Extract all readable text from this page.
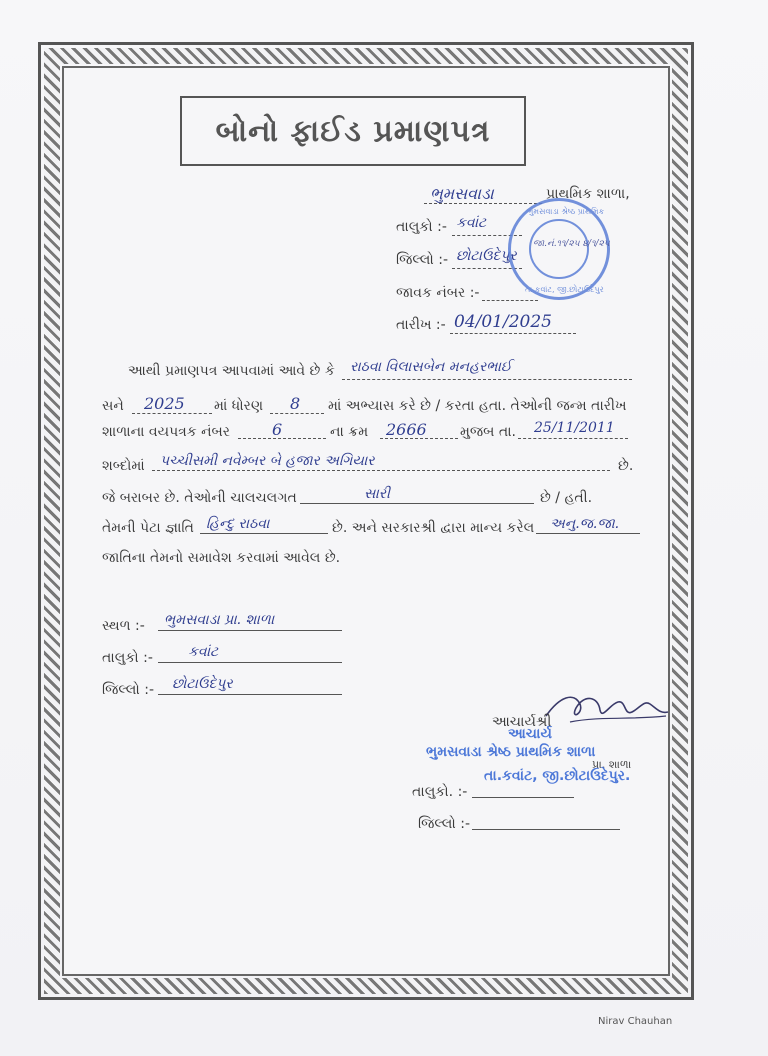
બોનો ફાઈડ પ્રમાણપત્ર
ભુમસવાડા	પ્રાથમિક શાળા,
તાલુકો :- કવાંટ
જિલ્લો :- છોટાઉદેપુર
જાવક નંબર :-
તારીખ :- 04/01/2025
ભુમસવાડા શ્રેષ્ઠ પ્રાથમિક
તા.કવાંટ, જી.છોટાઉદેપુર
જા.નં.૧૧/૨૫ ૪/૧/૨૫
આથી પ્રમાણપત્ર આપવામાં આવે છે કે રાઠવા વિલાસબેન મનહરભાઈ
સને 2025 માં ધોરણ 8 માં અભ્યાસ કરે છે / કરતા હતા. તેઓની જન્મ તારીખ
શાળાના વયપત્રક નંબર	6	ના ક્રમ 2666 મુજબ તા. 25/11/2011
શબ્દોમાં પચ્ચીસમી નવેમ્બર બે હજાર અગિયાર	છે.
જે બરાબર છે. તેઓની ચાલચલગત	સારી	છે / હતી.
તેમની પેટા જ્ઞાતિ હિન્દુ રાઠવા	છે. અને સરકારશ્રી દ્વારા માન્ય કરેલ અનુ.જ.જા.
જાતિના તેમનો સમાવેશ કરવામાં આવેલ છે.
સ્થળ :- ભુમસવાડા પ્રા. શાળા
તાલુકો :-	કવાંટ
જિલ્લો :- છોટાઉદેપુર
આચાર્યશ્રી
આચાર્ય
ભુમસવાડા શ્રેષ્ઠ પ્રાથમિક શાળા
પ્રા. શાળા
તા.કવાંટ, જી.છોટાઉદેપુર.
તાલુકો. :-
જિલ્લો :-
Nirav Chauhan
